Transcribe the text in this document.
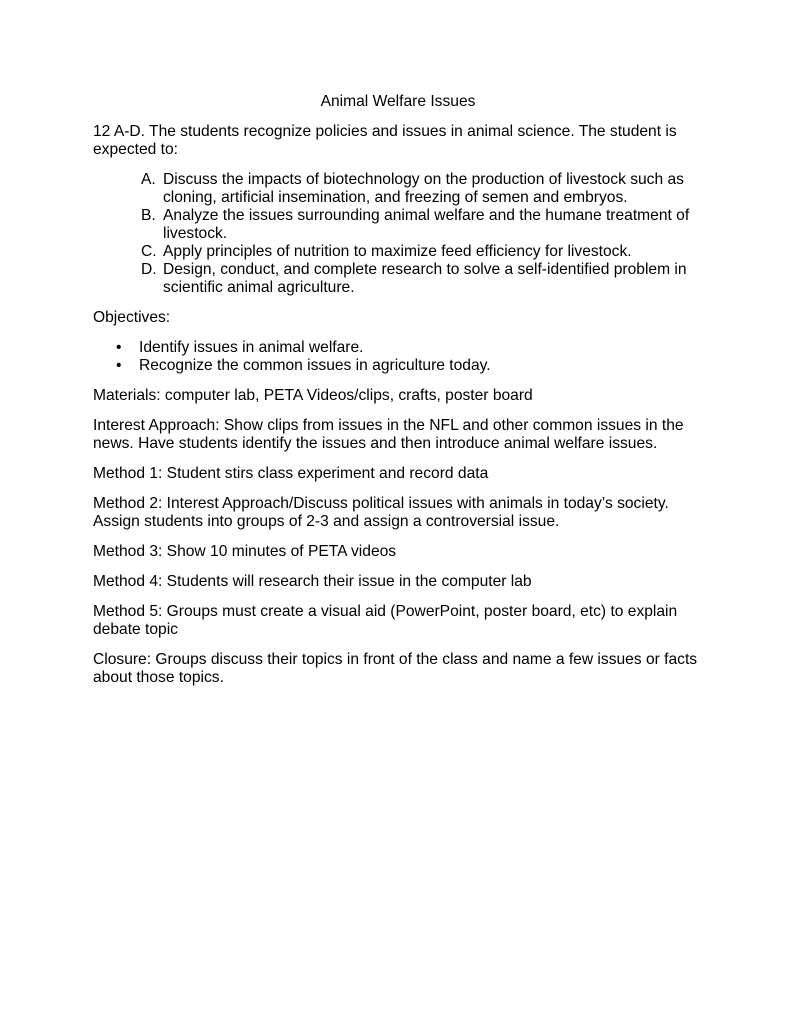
Animal Welfare Issues

12 A-D. The students recognize policies and issues in animal science. The student is expected to:

A. Discuss the impacts of biotechnology on the production of livestock such as cloning, artificial insemination, and freezing of semen and embryos.
B. Analyze the issues surrounding animal welfare and the humane treatment of livestock.
C. Apply principles of nutrition to maximize feed efficiency for livestock.
D. Design, conduct, and complete research to solve a self-identified problem in scientific animal agriculture.

Objectives:

• Identify issues in animal welfare.
• Recognize the common issues in agriculture today.

Materials: computer lab, PETA Videos/clips, crafts, poster board

Interest Approach: Show clips from issues in the NFL and other common issues in the news. Have students identify the issues and then introduce animal welfare issues.

Method 1: Student stirs class experiment and record data

Method 2: Interest Approach/Discuss political issues with animals in today’s society. Assign students into groups of 2-3 and assign a controversial issue.

Method 3: Show 10 minutes of PETA videos

Method 4: Students will research their issue in the computer lab

Method 5: Groups must create a visual aid (PowerPoint, poster board, etc) to explain debate topic

Closure: Groups discuss their topics in front of the class and name a few issues or facts about those topics.
